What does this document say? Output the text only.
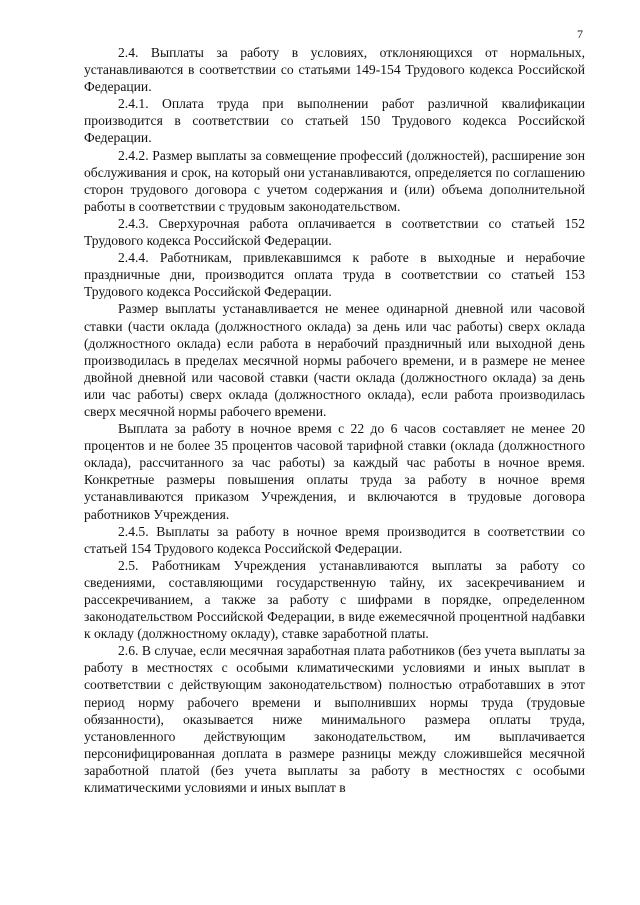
7

2.4. Выплаты за работу в условиях, отклоняющихся от нормальных, устанавливаются в соответствии со статьями 149-154 Трудового кодекса Российской Федерации.

2.4.1. Оплата труда при выполнении работ различной квалификации производится в соответствии со статьей 150 Трудового кодекса Российской Федерации.

2.4.2. Размер выплаты за совмещение профессий (должностей), расширение зон обслуживания и срок, на который они устанавливаются, определяется по соглашению сторон трудового договора с учетом содержания и (или) объема дополнительной работы в соответствии с трудовым законодательством.

2.4.3. Сверхурочная работа оплачивается в соответствии со статьей 152 Трудового кодекса Российской Федерации.

2.4.4. Работникам, привлекавшимся к работе в выходные и нерабочие праздничные дни, производится оплата труда в соответствии со статьей 153 Трудового кодекса Российской Федерации.

Размер выплаты устанавливается не менее одинарной дневной или часовой ставки (части оклада (должностного оклада) за день или час работы) сверх оклада (должностного оклада) если работа в нерабочий праздничный или выходной день производилась в пределах месячной нормы рабочего времени, и в размере не менее двойной дневной или часовой ставки (части оклада (должностного оклада) за день или час работы) сверх оклада (должностного оклада), если работа производилась сверх месячной нормы рабочего времени.

Выплата за работу в ночное время с 22 до 6 часов составляет не менее 20 процентов и не более 35 процентов часовой тарифной ставки (оклада (должностного оклада), рассчитанного за час работы) за каждый час работы в ночное время. Конкретные размеры повышения оплаты труда за работу в ночное время устанавливаются приказом Учреждения, и включаются в трудовые договора работников Учреждения.

2.4.5. Выплаты за работу в ночное время производится в соответствии со статьей 154 Трудового кодекса Российской Федерации.

2.5. Работникам Учреждения устанавливаются выплаты за работу со сведениями, составляющими государственную тайну, их засекречиванием и рассекречиванием, а также за работу с шифрами в порядке, определенном законодательством Российской Федерации, в виде ежемесячной процентной надбавки к окладу (должностному окладу), ставке заработной платы.

2.6. В случае, если месячная заработная плата работников (без учета выплаты за работу в местностях с особыми климатическими условиями и иных выплат в соответствии с действующим законодательством) полностью отработавших в этот период норму рабочего времени и выполнивших нормы труда (трудовые обязанности), оказывается ниже минимального размера оплаты труда, установленного действующим законодательством, им выплачивается персонифицированная доплата в размере разницы между сложившейся месячной заработной платой (без учета выплаты за работу в местностях с особыми климатическими условиями и иных выплат в
